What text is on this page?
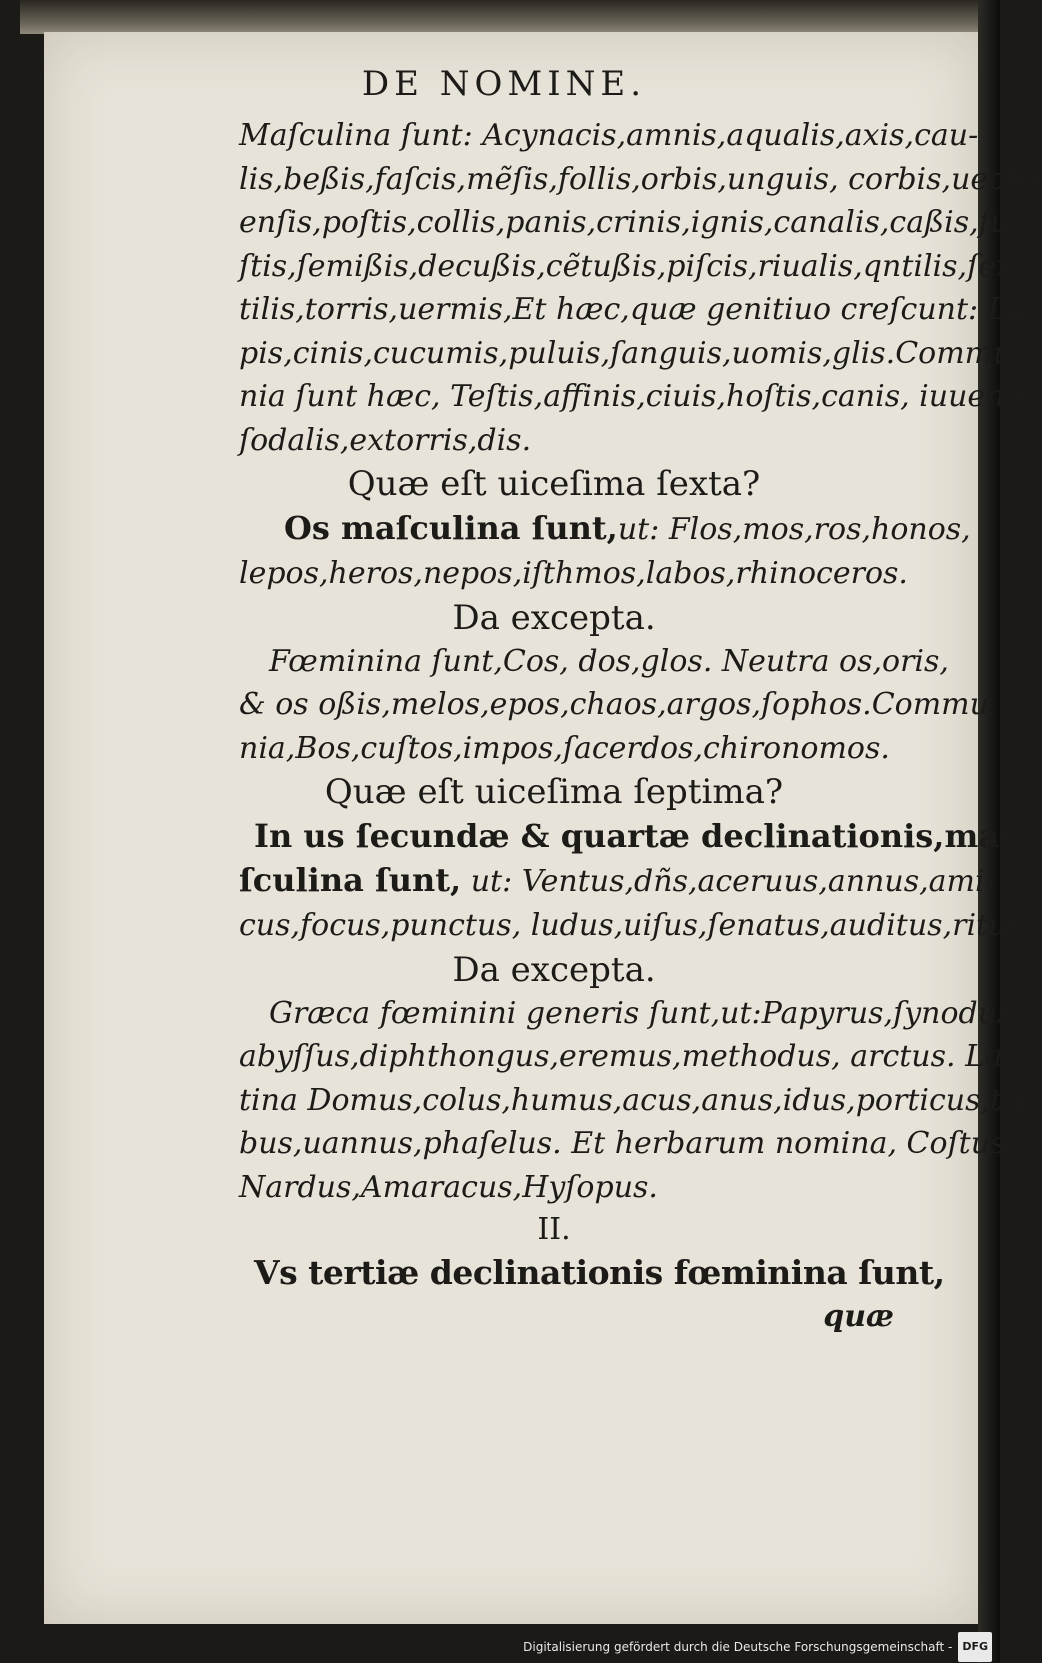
DE NOMINE.
Maſculina ſunt: Acynacis,amnis,aqualis,axis,cau-
lis,beßis,faſcis,mẽſis,follis,orbis,unguis, corbis,uectis
enſis,poſtis,collis,panis,crinis,ignis,canalis,caßis,fu-
ſtis,ſemißis,decußis,cẽtußis,piſcis,riualis,qntilis,ſex
tilis,torris,uermis,Et hæc,quæ genitiuo creſcunt: La
pis,cinis,cucumis,puluis,ſanguis,uomis,glis.Commu
nia ſunt hæc, Teſtis,affinis,ciuis,hoſtis,canis, iuuenis,
ſodalis,extorris,dis.
Quæ eſt uiceſima ſexta?
Os maſculina ſunt,ut: Flos,mos,ros,honos,
lepos,heros,nepos,iſthmos,labos,rhinoceros.
Da excepta.
Fœminina ſunt,Cos, dos,glos. Neutra os,oris,
& os oßis,melos,epos,chaos,argos,ſophos.Commu
nia,Bos,cuſtos,impos,ſacerdos,chironomos.
Quæ eſt uiceſima ſeptima?
In us ſecundæ & quartæ declinationis,ma-
ſculina ſunt, ut: Ventus,dñs,aceruus,annus,ami-
cus,focus,punctus, ludus,uiſus,ſenatus,auditus,ritus.
Da excepta.
Græca fœminini generis ſunt,ut:Papyrus,ſynodus,
abyſſus,diphthongus,eremus,methodus, arctus. La-
tina Domus,colus,humus,acus,anus,idus,porticus,tri
bus,uannus,phaſelus. Et herbarum nomina, Coſtus
Nardus,Amaracus,Hyſopus.
II.
Vs tertiæ declinationis fœminina ſunt,
quæ
Digitalisierung gefördert durch die Deutsche Forschungsgemeinschaft - DFG
